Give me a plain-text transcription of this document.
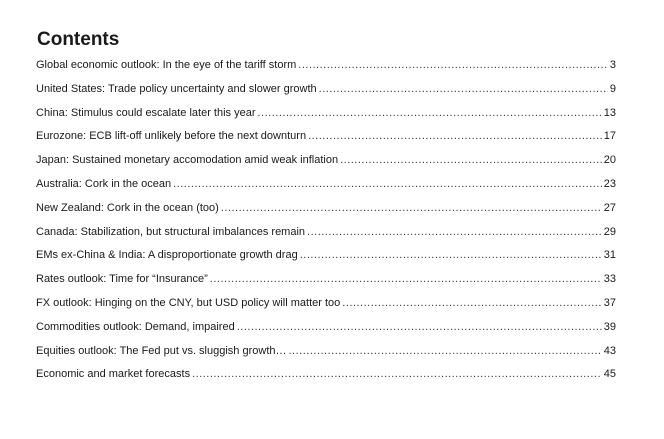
Contents
Global economic outlook: In the eye of the tariff storm .....	3
United States: Trade policy uncertainty and slower growth .....	9
China: Stimulus could escalate later this year .....	13
Eurozone: ECB lift-off unlikely before the next downturn .....	17
Japan: Sustained monetary accomodation amid weak inflation .....	20
Australia: Cork in the ocean .....	23
New Zealand: Cork in the ocean (too) .....	27
Canada: Stabilization, but structural imbalances remain .....	29
EMs ex-China & India: A disproportionate growth drag .....	31
Rates outlook: Time for “Insurance” .....	33
FX outlook: Hinging on the CNY, but USD policy will matter too .....	37
Commodities outlook: Demand, impaired .....	39
Equities outlook: The Fed put vs. sluggish growth… .....	43
Economic and market forecasts .....	45
